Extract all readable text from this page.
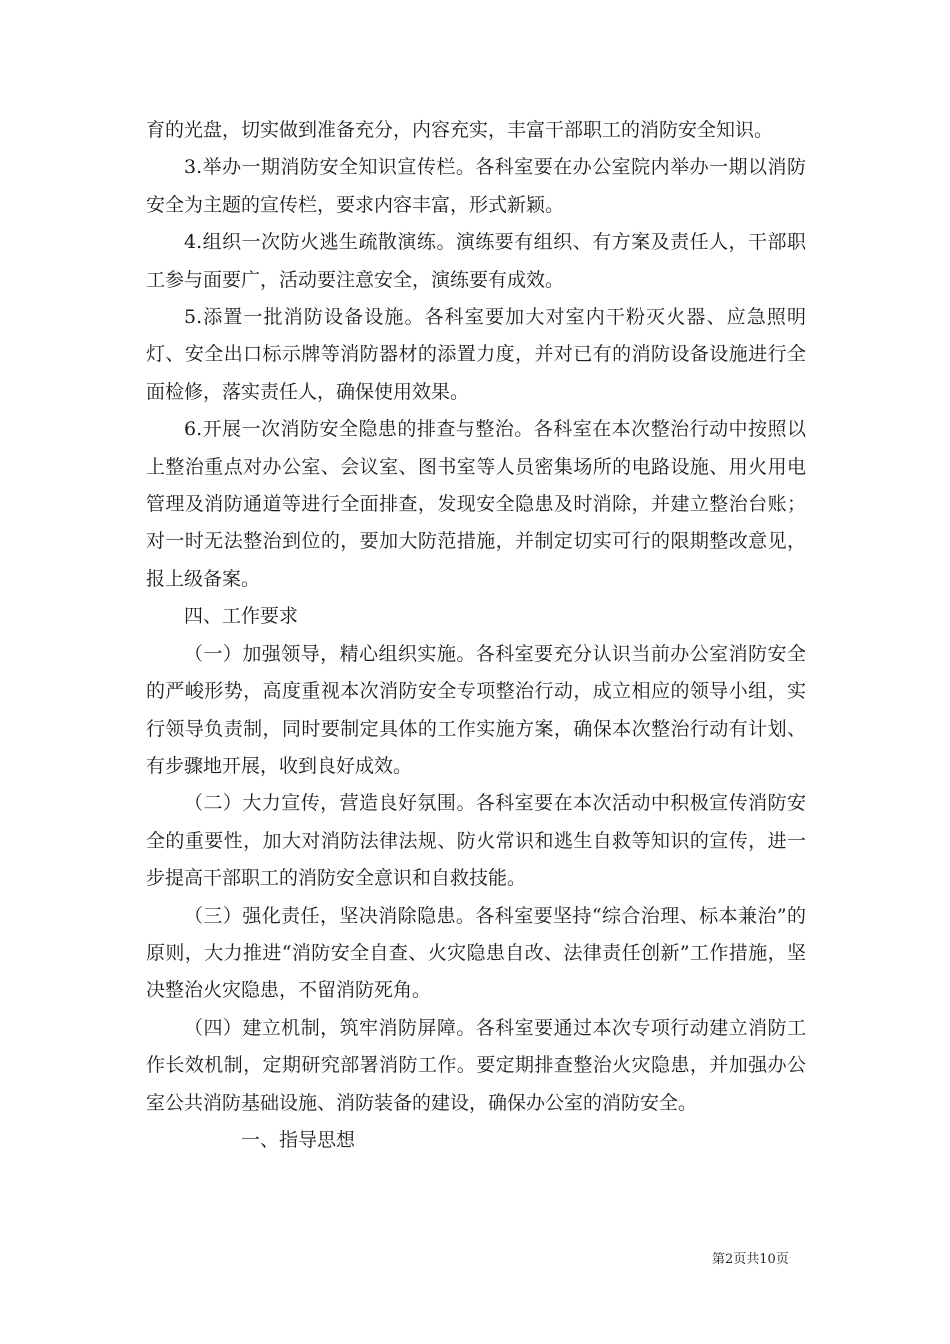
育的光盘，切实做到准备充分，内容充实，丰富干部职工的消防安全知识。

3.举办一期消防安全知识宣传栏。各科室要在办公室院内举办一期以消防安全为主题的宣传栏，要求内容丰富，形式新颖。

4.组织一次防火逃生疏散演练。演练要有组织、有方案及责任人，干部职工参与面要广，活动要注意安全，演练要有成效。

5.添置一批消防设备设施。各科室要加大对室内干粉灭火器、应急照明灯、安全出口标示牌等消防器材的添置力度，并对已有的消防设备设施进行全面检修，落实责任人，确保使用效果。

6.开展一次消防安全隐患的排查与整治。各科室在本次整治行动中按照以上整治重点对办公室、会议室、图书室等人员密集场所的电路设施、用火用电管理及消防通道等进行全面排查，发现安全隐患及时消除，并建立整治台账；对一时无法整治到位的，要加大防范措施，并制定切实可行的限期整改意见，报上级备案。

四、工作要求

（一）加强领导，精心组织实施。各科室要充分认识当前办公室消防安全的严峻形势，高度重视本次消防安全专项整治行动，成立相应的领导小组，实行领导负责制，同时要制定具体的工作实施方案，确保本次整治行动有计划、有步骤地开展，收到良好成效。

（二）大力宣传，营造良好氛围。各科室要在本次活动中积极宣传消防安全的重要性，加大对消防法律法规、防火常识和逃生自救等知识的宣传，进一步提高干部职工的消防安全意识和自救技能。

（三）强化责任，坚决消除隐患。各科室要坚持“综合治理、标本兼治”的原则，大力推进“消防安全自查、火灾隐患自改、法律责任创新”工作措施，坚决整治火灾隐患，不留消防死角。

（四）建立机制，筑牢消防屏障。各科室要通过本次专项行动建立消防工作长效机制，定期研究部署消防工作。要定期排查整治火灾隐患，并加强办公室公共消防基础设施、消防装备的建设，确保办公室的消防安全。

一、指导思想

第2页共10页
